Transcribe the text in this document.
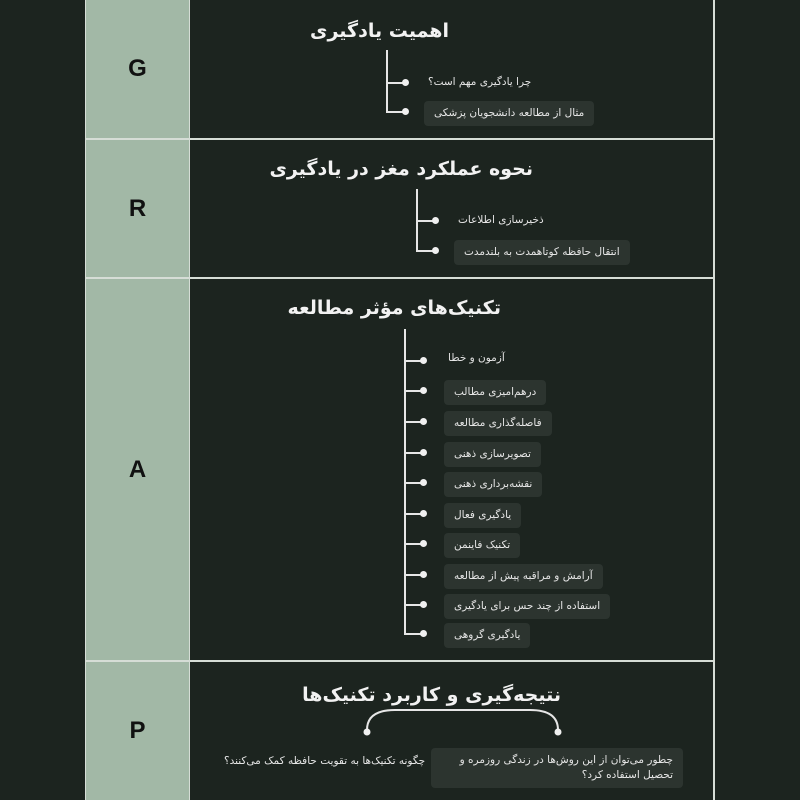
G
اهمیت یادگیری
چرا یادگیری مهم است؟
مثال از مطالعه دانشجویان پزشکی
R
نحوه عملکرد مغز در یادگیری
ذخیرسازی اطلاعات
انتقال حافظه کوتاهمدت به بلندمدت
A
تکنیک‌های مؤثر مطالعه
آزمون و خطا
درهم‌امیزی مطالب
فاصله‌گذاری مطالعه
تصویرسازی ذهنی
نقشه‌برداری ذهنی
یادگیری فعال
تکنیک فاینمن
آرامش و مراقبه پیش از مطالعه
استفاده از چند حس برای یادگیری
یادگیری گروهی
P
نتیجه‌گیری و کاربرد تکنیک‌ها
چطور می‌توان از این روش‌ها در زندگی روزمره و تحصیل استفاده کرد؟
چگونه تکنیک‌ها به تقویت حافظه کمک می‌کنند؟
